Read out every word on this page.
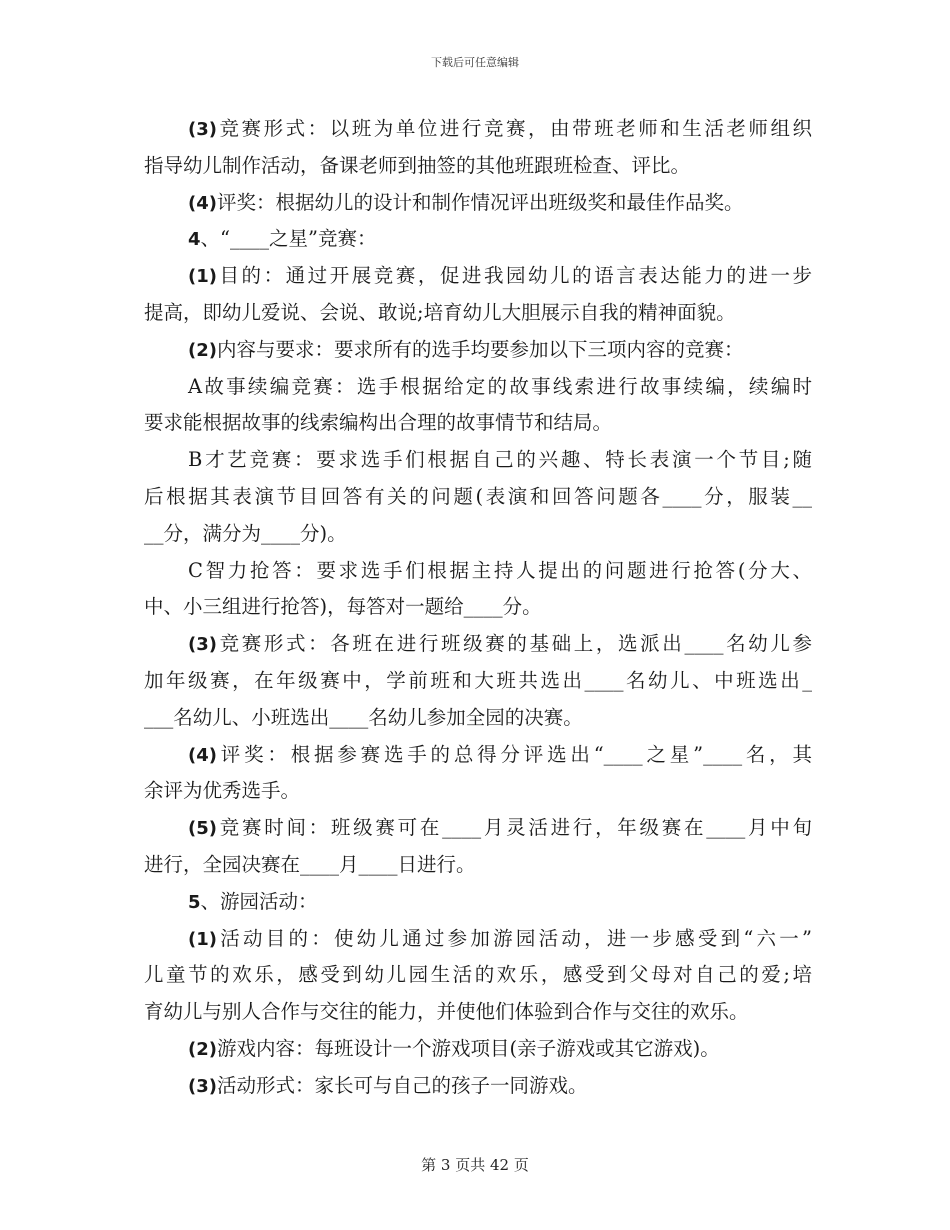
下载后可任意编辑
(3)竞赛形式：以班为单位进行竞赛，由带班老师和生活老师组织
指导幼儿制作活动，备课老师到抽签的其他班跟班检查、评比。
(4)评奖：根据幼儿的设计和制作情况评出班级奖和最佳作品奖。
4、“____之星”竞赛：
(1)目的：通过开展竞赛，促进我园幼儿的语言表达能力的进一步
提高，即幼儿爱说、会说、敢说;培育幼儿大胆展示自我的精神面貌。
(2)内容与要求：要求所有的选手均要参加以下三项内容的竞赛：
A故事续编竞赛：选手根据给定的故事线索进行故事续编，续编时
要求能根据故事的线索编构出合理的故事情节和结局。
B才艺竞赛：要求选手们根据自己的兴趣、特长表演一个节目;随
后根据其表演节目回答有关的问题(表演和回答问题各____分，服装__
__分，满分为____分)。
C智力抢答：要求选手们根据主持人提出的问题进行抢答(分大、
中、小三组进行抢答)，每答对一题给____分。
(3)竞赛形式：各班在进行班级赛的基础上，选派出____名幼儿参
加年级赛，在年级赛中，学前班和大班共选出____名幼儿、中班选出_
___名幼儿、小班选出____名幼儿参加全园的决赛。
(4)评奖：根据参赛选手的总得分评选出“____之星”____名，其
余评为优秀选手。
(5)竞赛时间：班级赛可在____月灵活进行，年级赛在____月中旬
进行，全园决赛在____月____日进行。
5、游园活动：
(1)活动目的：使幼儿通过参加游园活动，进一步感受到“六一”
儿童节的欢乐，感受到幼儿园生活的欢乐，感受到父母对自己的爱;培
育幼儿与别人合作与交往的能力，并使他们体验到合作与交往的欢乐。
(2)游戏内容：每班设计一个游戏项目(亲子游戏或其它游戏)。
(3)活动形式：家长可与自己的孩子一同游戏。
第 3 页共 42 页
